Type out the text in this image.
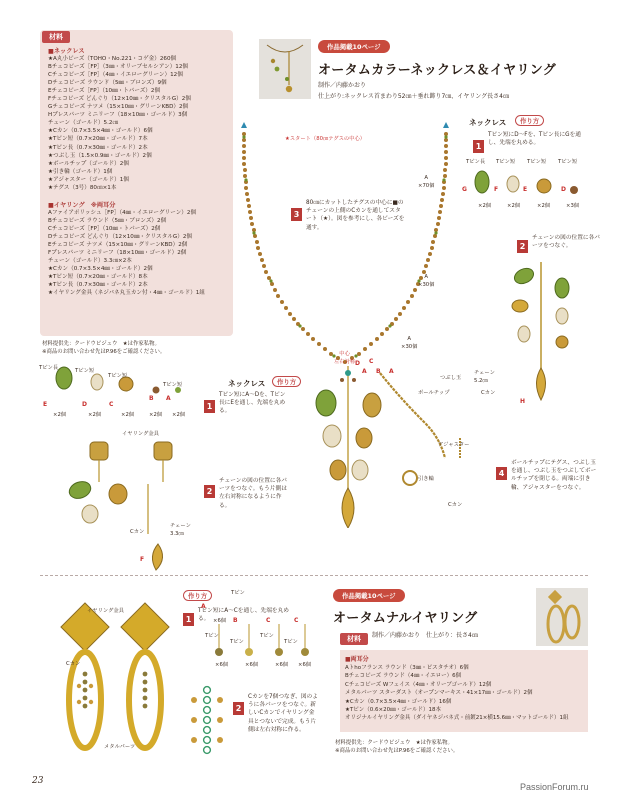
材料
■ネックレス
★A丸小ビーズ（TOHO・No.221・コゲ金）260個
Bチェコビーズ［FP］（3㎜・オリーブセルシアン）12個
Cチェコビーズ［FP］（4㎜・イエローグリーン）12個
Dチェコビーズ ラウンド（5㎜・ブロンズ）9個
Eチェコビーズ［FP］（10㎜・トパーズ）2個
Fチェコビーズ どんぐり（12×10㎜・クリスタルG）2個
Gチェコビーズ ナツメ（15×10㎜・グリーンKBD）2個
Hプレスパーツ ミニリーフ（18×10㎜・ゴールド）3個
チェーン（ゴールド）5.2㎝
★Cカン（0.7×3.5×4㎜・ゴールド）6個
★Tピン短（0.7×20㎜・ゴールド）7本
★Tピン長（0.7×30㎜・ゴールド）2本
★つぶし玉（1.5×0.9㎜・ゴールド）2個
★ボールチップ（ゴールド）2個
★引き輪（ゴールド）1個
★アジャスター（ゴールド）1個
★テグス（3号）80㎝×1本
■イヤリング　※両耳分
Aファイアポリッシュ［FP］（4㎜・イエローグリーン）2個
Bチェコビーズ ラウンド（5㎜・ブロンズ）2個
Cチェコビーズ［FP］（10㎜・トパーズ）2個
Dチェコビーズ どんぐり（12×10㎜・クリスタルG）2個
Eチェコビーズ ナツメ（15×10㎜・グリーンKBD）2個
Fプレスパーツ ミニリーフ（18×10㎜・ゴールド）2個
チェーン（ゴールド）3.3㎝×2本
★Cカン（0.7×3.5×4㎜・ゴールド）2個
★Tピン短（0.7×20㎜・ゴールド）8本
★Tピン長（0.7×30㎜・ゴールド）2本
★イヤリング金具（ネジバネ丸玉カン付・4㎜・ゴールド）1組
材料提供先：クードウビジュウ　★は作家私物。
※商品のお問い合わせ先はP.96をご確認ください。
作品掲載10ページ
オータムカラーネックレス＆イヤリング
制作／内藤かおり
仕上がり:ネックレス首まわり52㎝＋垂れ飾り7㎝、イヤリング長さ4㎝
★スタート（80㎝テグスの中心）
A
×70個
A
×30個
A
×30個
中心
左右対称 D
A
C
B A
引き輪
アジャスター
Cカン
ボールチップ
つぶし玉
3
80㎝にカットしたテグスの中心に■のチェーンの上側のCカンを通してスタート（★）。図を参考にし、各ビーズを通す。
ネックレス	作り方
1
Tピン短にD〜Fを、Tピン長にGを通し、先端を丸める。
Tピン長 Tピン短 Tピン短 Tピン短
G	F	E	D
×2個	×2個	×2個	×3個
2
チェーンの図の位置に各パーツをつなぐ。
チェーン
5.2㎝
Cカン
H
4
ボールチップにテグス、つぶし玉を通し、つぶし玉をつぶしてボールチップを閉じる。両端に引き輪、アジャスターをつなぐ。
Tピン長	Tピン短
Tピン短
Tピン短
E	D	C
B A
×2個	×2個	×2個	×2個 ×2個
ネックレス	作り方
1
Tピン短にA〜Dを、Tピン長にEを通し、先端を丸める。
イヤリング金具
Cカン
チェーン
3.3㎝
F
2
チェーンの図の位置に各パーツをつなぐ。もう片側は左右対称になるように作る。
イヤリング金具
Cカン
メタルパーツ
作り方
1
Tピン短にA〜Cを通し、先端を丸める。
Tピン
Tピン
Tピン
Tピン
Tピン
A
B	C	C
×6個
×6個	×6個	×6個 ×6個
2
Cカンを7個つなぎ、図のように各パーツをつなぐ。新しいCカンでイヤリング金具とつないで完成。もう片側は左右対称に作る。
作品掲載10ページ
オータムナルイヤリング
制作／内藤かおり　仕上がり：長さ4㎝
材料
■両耳分
Aトhoフランス ラウンド（3㎜・ピスタチオ）6個
Bチェコビーズ ラウンド（4㎜・イエロー）6個
Cチェコビーズ Wフェイス（4㎜・オリーブゴールド）12個
メタルパーツ スターダスト（オープンマーキス・41×17㎜・ゴールド）2個
★Cカン（0.7×3.5×4㎜・ゴールド）16個
★Tピン（0.6×20㎜・ゴールド）18本
オリジナルイヤリング金具（ダイヤネジバネ式・前鍍21×横15.6㎜・マットゴールド）1組
材料提供先：クードウビジュウ　★は作家私物。
※商品のお問い合わせ先はP.96をご確認ください。
23
PassionForum.ru
